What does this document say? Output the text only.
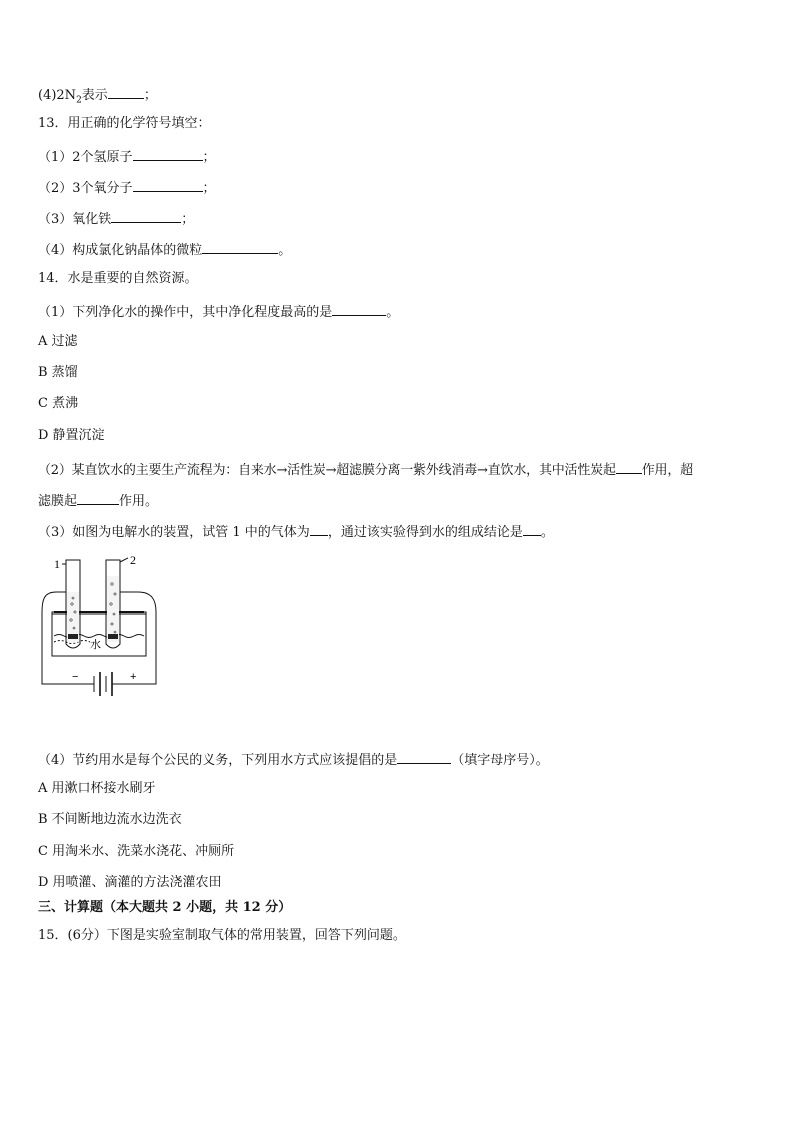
$(4)2N_2$表示	；
13．用正确的化学符号填空：
（1）2个氢原子	；
（2）3个氧分子	；
（3）氧化铁	；
（4）构成氯化钠晶体的微粒	。
14．水是重要的自然资源。
（1）下列净化水的操作中，其中净化程度最高的是	。
A 过滤
B 蒸馏
C 煮沸
D 静置沉淀
（2）某直饮水的主要生产流程为：自来水→活性炭→超滤膜分离一紫外线消毒→直饮水，其中活性炭起 作用，超
滤膜起	作用。
（3）如图为电解水的装置，试管 1 中的气体为 ，通过该实验得到水的组成结论是 。
1	2
水
−	+
（4）节约用水是每个公民的义务，下列用水方式应该提倡的是	（填字母序号）。
A 用漱口杯接水刷牙
B 不间断地边流水边洗衣
C 用淘米水、洗菜水浇花、冲厕所
D 用喷灌、滴灌的方法浇灌农田
三、计算题（本大题共 2 小题，共 12 分）
15．(6分）下图是实验室制取气体的常用装置，回答下列问题。
